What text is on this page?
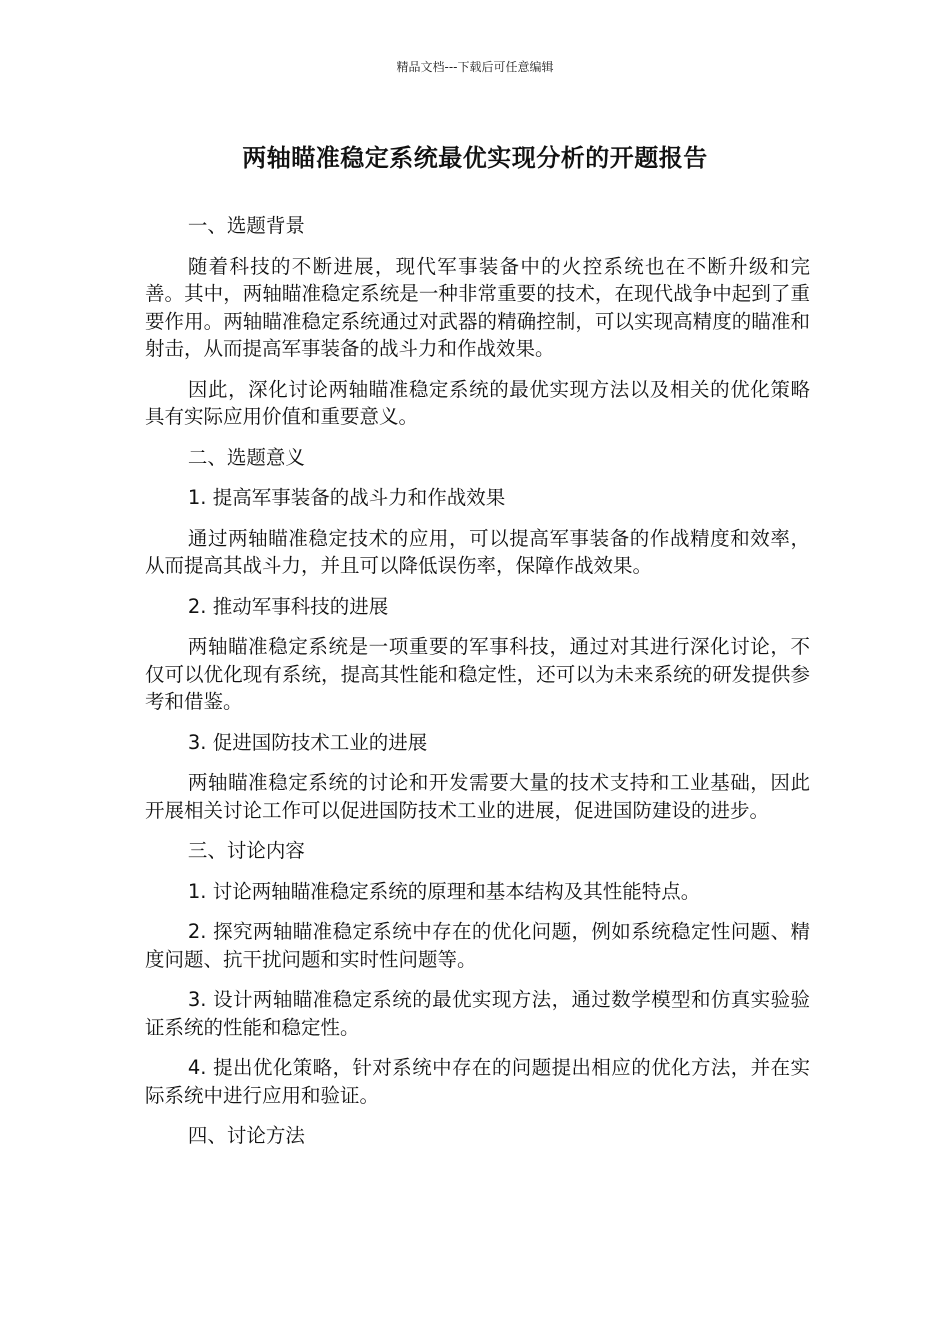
精品文档---下载后可任意编辑
两轴瞄准稳定系统最优实现分析的开题报告

一、选题背景

随着科技的不断进展，现代军事装备中的火控系统也在不断升级和完善。其中，两轴瞄准稳定系统是一种非常重要的技术，在现代战争中起到了重要作用。两轴瞄准稳定系统通过对武器的精确控制，可以实现高精度的瞄准和射击，从而提高军事装备的战斗力和作战效果。

因此，深化讨论两轴瞄准稳定系统的最优实现方法以及相关的优化策略具有实际应用价值和重要意义。

二、选题意义

1. 提高军事装备的战斗力和作战效果

通过两轴瞄准稳定技术的应用，可以提高军事装备的作战精度和效率，从而提高其战斗力，并且可以降低误伤率，保障作战效果。

2. 推动军事科技的进展

两轴瞄准稳定系统是一项重要的军事科技，通过对其进行深化讨论，不仅可以优化现有系统，提高其性能和稳定性，还可以为未来系统的研发提供参考和借鉴。

3. 促进国防技术工业的进展

两轴瞄准稳定系统的讨论和开发需要大量的技术支持和工业基础，因此开展相关讨论工作可以促进国防技术工业的进展，促进国防建设的进步。

三、讨论内容

1. 讨论两轴瞄准稳定系统的原理和基本结构及其性能特点。

2. 探究两轴瞄准稳定系统中存在的优化问题，例如系统稳定性问题、精度问题、抗干扰问题和实时性问题等。

3. 设计两轴瞄准稳定系统的最优实现方法，通过数学模型和仿真实验验证系统的性能和稳定性。

4. 提出优化策略，针对系统中存在的问题提出相应的优化方法，并在实际系统中进行应用和验证。

四、讨论方法
